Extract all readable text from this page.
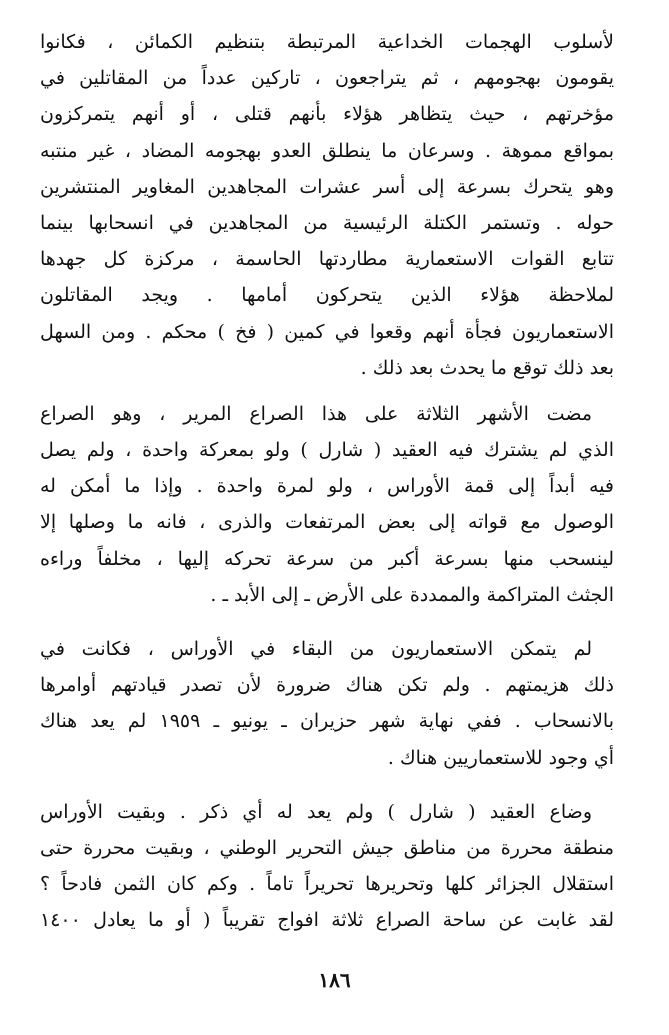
لأسلوب الهجمات الخداعية المرتبطة بتنظيم الكمائن ، فكانوا
يقومون بهجومهم ، ثم يتراجعون ، تاركين عدداً من المقاتلين في
مؤخرتهم ، حيث يتظاهر هؤلاء بأنهم قتلى ، أو أنهم يتمركزون
بمواقع مموهة . وسرعان ما ينطلق العدو بهجومه المضاد ، غير منتبه
وهو يتحرك بسرعة إلى أسر عشرات المجاهدين المغاوير المنتشرين
حوله . وتستمر الكتلة الرئيسية من المجاهدين في انسحابها بينما
تتابع القوات الاستعمارية مطاردتها الحاسمة ، مركزة كل جهدها
لملاحظة هؤلاء الذين يتحركون أمامها . ويجد المقاتلون
الاستعماريون فجأة أنهم وقعوا في كمين ( فخ ) محكم . ومن السهل
بعد ذلك توقع ما يحدث بعد ذلك .
مضت الأشهر الثلاثة على هذا الصراع المرير ، وهو الصراع
الذي لم يشترك فيه العقيد ( شارل ) ولو بمعركة واحدة ، ولم يصل
فيه أبداً إلى قمة الأوراس ، ولو لمرة واحدة . وإذا ما أمكن له
الوصول مع قواته إلى بعض المرتفعات والذرى ، فانه ما وصلها إلا
لينسحب منها بسرعة أكبر من سرعة تحركه إليها ، مخلفاً وراءه
الجثث المتراكمة والممددة على الأرض ـ إلى الأبد ـ .
لم يتمكن الاستعماريون من البقاء في الأوراس ، فكانت في
ذلك هزيمتهم . ولم تكن هناك ضرورة لأن تصدر قيادتهم أوامرها
بالانسحاب . ففي نهاية شهر حزيران ـ يونيو ـ ١٩٥٩ لم يعد هناك
أي وجود للاستعماريين هناك .
وضاع العقيد ( شارل ) ولم يعد له أي ذكر . وبقيت الأوراس
منطقة محررة من مناطق جيش التحرير الوطني ، وبقيت محررة حتى
استقلال الجزائر كلها وتحريرها تحريراً تاماً . وكم كان الثمن فادحاً ؟
لقد غابت عن ساحة الصراع ثلاثة افواج تقريباً ( أو ما يعادل ١٤٠٠
١٨٦
